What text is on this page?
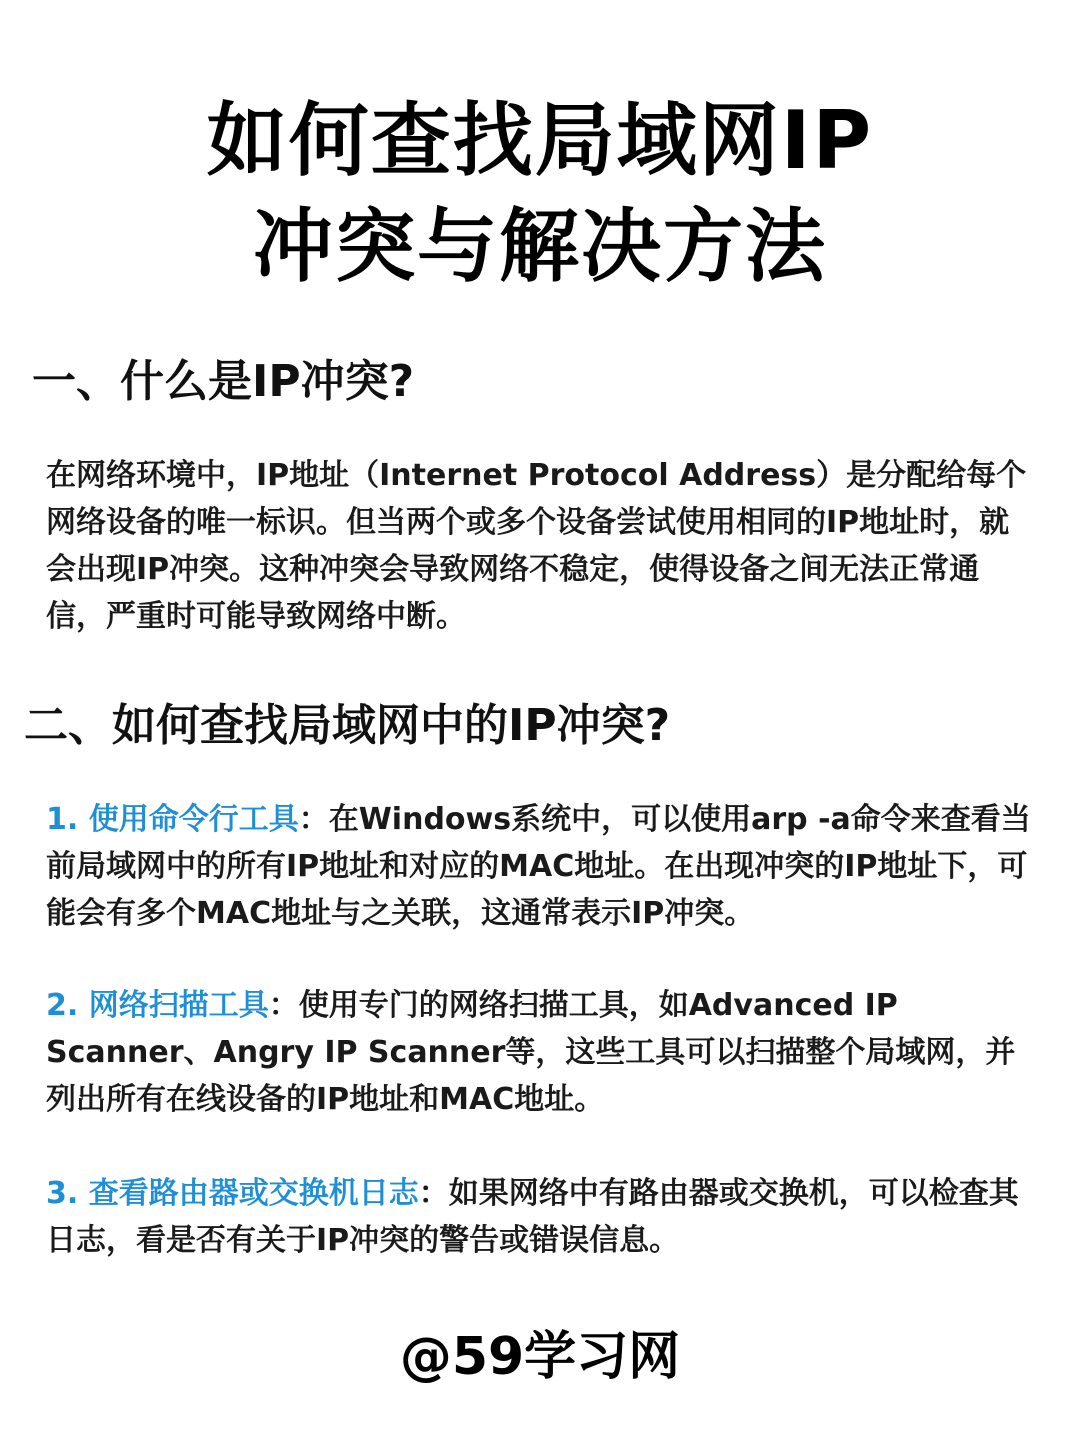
如何查找局域网IP
冲突与解决方法
一、什么是IP冲突?

在网络环境中，IP地址（Internet Protocol Address）是分配给每个网络设备的唯一标识。但当两个或多个设备尝试使用相同的IP地址时，就会出现IP冲突。这种冲突会导致网络不稳定，使得设备之间无法正常通信，严重时可能导致网络中断。

二、如何查找局域网中的IP冲突?

1. 使用命令行工具：在Windows系统中，可以使用arp -a命令来查看当前局域网中的所有IP地址和对应的MAC地址。在出现冲突的IP地址下，可能会有多个MAC地址与之关联，这通常表示IP冲突。

2. 网络扫描工具：使用专门的网络扫描工具，如Advanced IP Scanner、Angry IP Scanner等，这些工具可以扫描整个局域网，并列出所有在线设备的IP地址和MAC地址。

3. 查看路由器或交换机日志：如果网络中有路由器或交换机，可以检查其日志，看是否有关于IP冲突的警告或错误信息。

@59学习网
